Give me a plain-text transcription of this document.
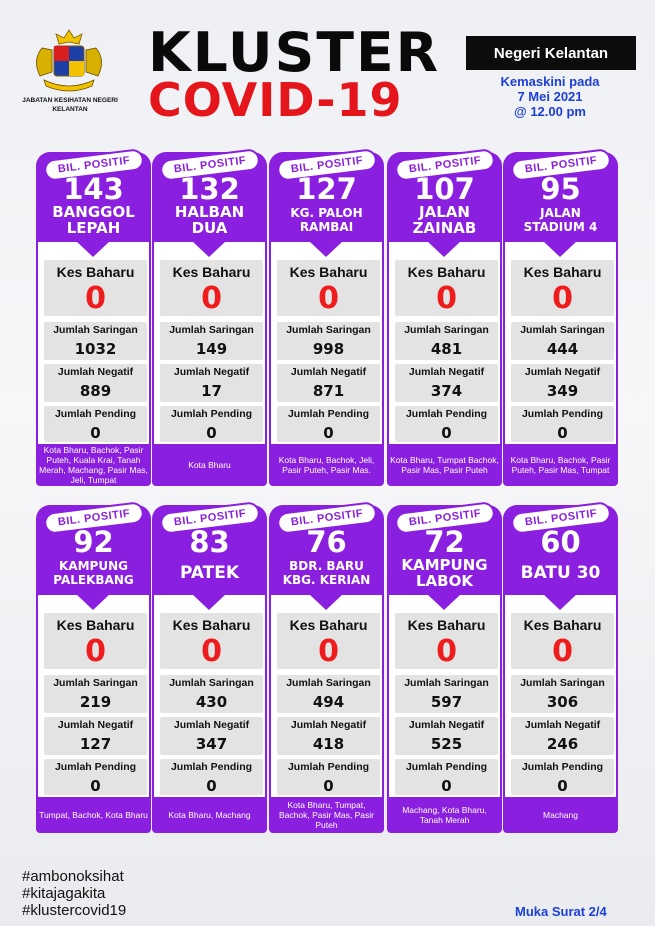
JABATAN KESIHATAN NEGERI KELANTAN
KLUSTER
COVID-19
Negeri Kelantan
Kemaskini pada
7 Mei 2021
@ 12.00 pm
BIL. POSITIF
143
BANGGOL
LEPAH
Kes Baharu
0
Jumlah Saringan
1032
Jumlah Negatif
889
Jumlah Pending
0
Kota Bharu, Bachok, Pasir Puteh, Kuala Krai, Tanah Merah, Machang, Pasir Mas, Jeli, Tumpat
BIL. POSITIF
132
HALBAN
DUA
Kes Baharu
0
Jumlah Saringan
149
Jumlah Negatif
17
Jumlah Pending
0
Kota Bharu
BIL. POSITIF
127
KG. PALOH
RAMBAI
Kes Baharu
0
Jumlah Saringan
998
Jumlah Negatif
871
Jumlah Pending
0
Kota Bharu, Bachok, Jeli, Pasir Puteh, Pasir Mas.
BIL. POSITIF
107
JALAN
ZAINAB
Kes Baharu
0
Jumlah Saringan
481
Jumlah Negatif
374
Jumlah Pending
0
Kota Bharu, Tumpat Bachok, Pasir Mas, Pasir Puteh
BIL. POSITIF
95
JALAN
STADIUM 4
Kes Baharu
0
Jumlah Saringan
444
Jumlah Negatif
349
Jumlah Pending
0
Kota Bharu, Bachok, Pasir Puteh, Pasir Mas, Tumpat
BIL. POSITIF
92
KAMPUNG
PALEKBANG
Kes Baharu
0
Jumlah Saringan
219
Jumlah Negatif
127
Jumlah Pending
0
Tumpat, Bachok, Kota Bharu
BIL. POSITIF
83
PATEK
Kes Baharu
0
Jumlah Saringan
430
Jumlah Negatif
347
Jumlah Pending
0
Kota Bharu, Machang
BIL. POSITIF
76
BDR. BARU
KBG. KERIAN
Kes Baharu
0
Jumlah Saringan
494
Jumlah Negatif
418
Jumlah Pending
0
Kota Bharu, Tumpat, Bachok, Pasir Mas, Pasir Puteh
BIL. POSITIF
72
KAMPUNG
LABOK
Kes Baharu
0
Jumlah Saringan
597
Jumlah Negatif
525
Jumlah Pending
0
Machang, Kota Bharu, Tanah Merah
BIL. POSITIF
60
BATU 30
Kes Baharu
0
Jumlah Saringan
306
Jumlah Negatif
246
Jumlah Pending
0
Machang
#ambonoksihat
#kitajagakita
#klustercovid19	Muka Surat 2/4
